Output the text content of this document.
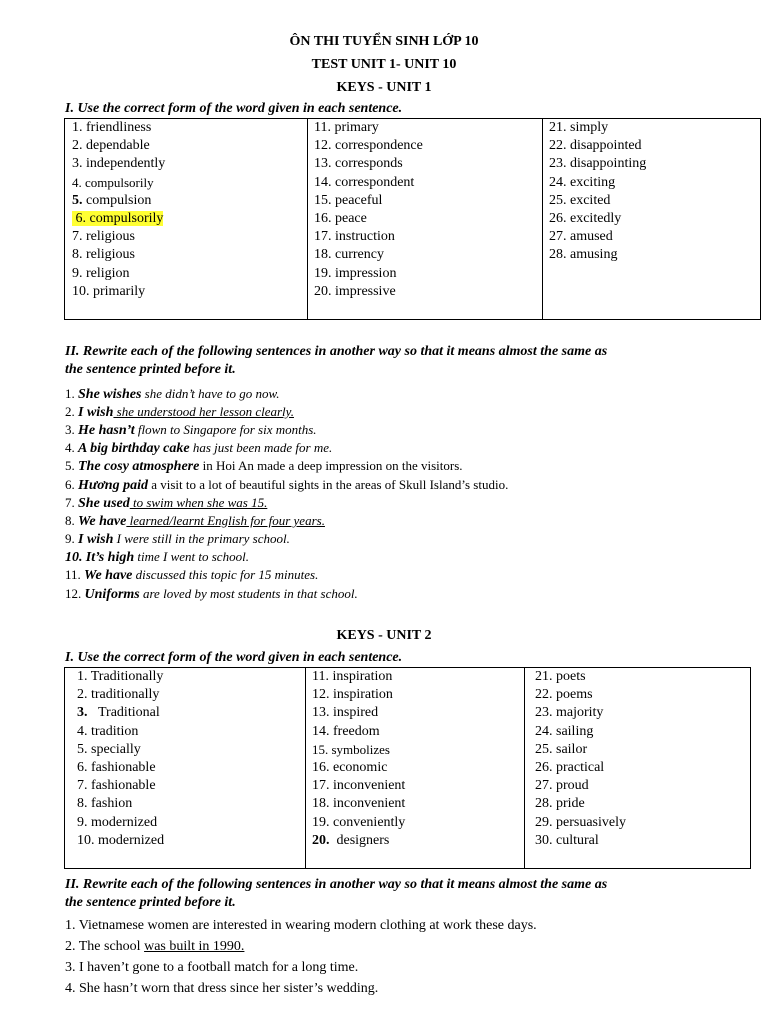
ÔN THI TUYỂN SINH LỚP 10
TEST UNIT 1- UNIT 10
KEYS - UNIT 1
I. Use the correct form of the word given in each sentence.
1. friendliness
2. dependable
3. independently
4. compulsorily
5. compulsion
6. compulsorily
7. religious
8. religious
9. religion
10. primarily

11. primary
12. correspondence
13. corresponds
14. correspondent
15. peaceful
16. peace
17. instruction
18. currency
19. impression
20. impressive

21. simply
22. disappointed
23. disappointing
24. exciting
25. excited
26. excitedly
27. amused
28. amusing
II. Rewrite each of the following sentences in another way so that it means almost the same as
the sentence printed before it.
1. She wishes she didn’t have to go now.
2. I wish she understood her lesson clearly.
3. He hasn’t flown to Singapore for six months.
4. A big birthday cake has just been made for me.
5. The cosy atmosphere in Hoi An made a deep impression on the visitors.
6. Hương paid a visit to a lot of beautiful sights in the areas of Skull Island’s studio.
7. She used to swim when she was 15.
8. We have learned/learnt English for four years.
9. I wish I were still in the primary school.
10. It’s high time I went to school.
11. We have discussed this topic for 15 minutes.
12. Uniforms are loved by most students in that school.
KEYS - UNIT 2
I. Use the correct form of the word given in each sentence.
1. Traditionally
2. traditionally
3.   Traditional
4. tradition
5. specially
6. fashionable
7. fashionable
8. fashion
9. modernized
10. modernized

11. inspiration
12. inspiration
13. inspired
14. freedom
15. symbolizes
16. economic
17. inconvenient
18. inconvenient
19. conveniently
20.  designers

21. poets
22. poems
23. majority
24. sailing
25. sailor
26. practical
27. proud
28. pride
29. persuasively
30. cultural
II. Rewrite each of the following sentences in another way so that it means almost the same as
the sentence printed before it.
1. Vietnamese women are interested in wearing modern clothing at work these days.
2. The school was built in 1990.
3. I haven’t gone to a football match for a long time.
4. She hasn’t worn that dress since her sister’s wedding.
